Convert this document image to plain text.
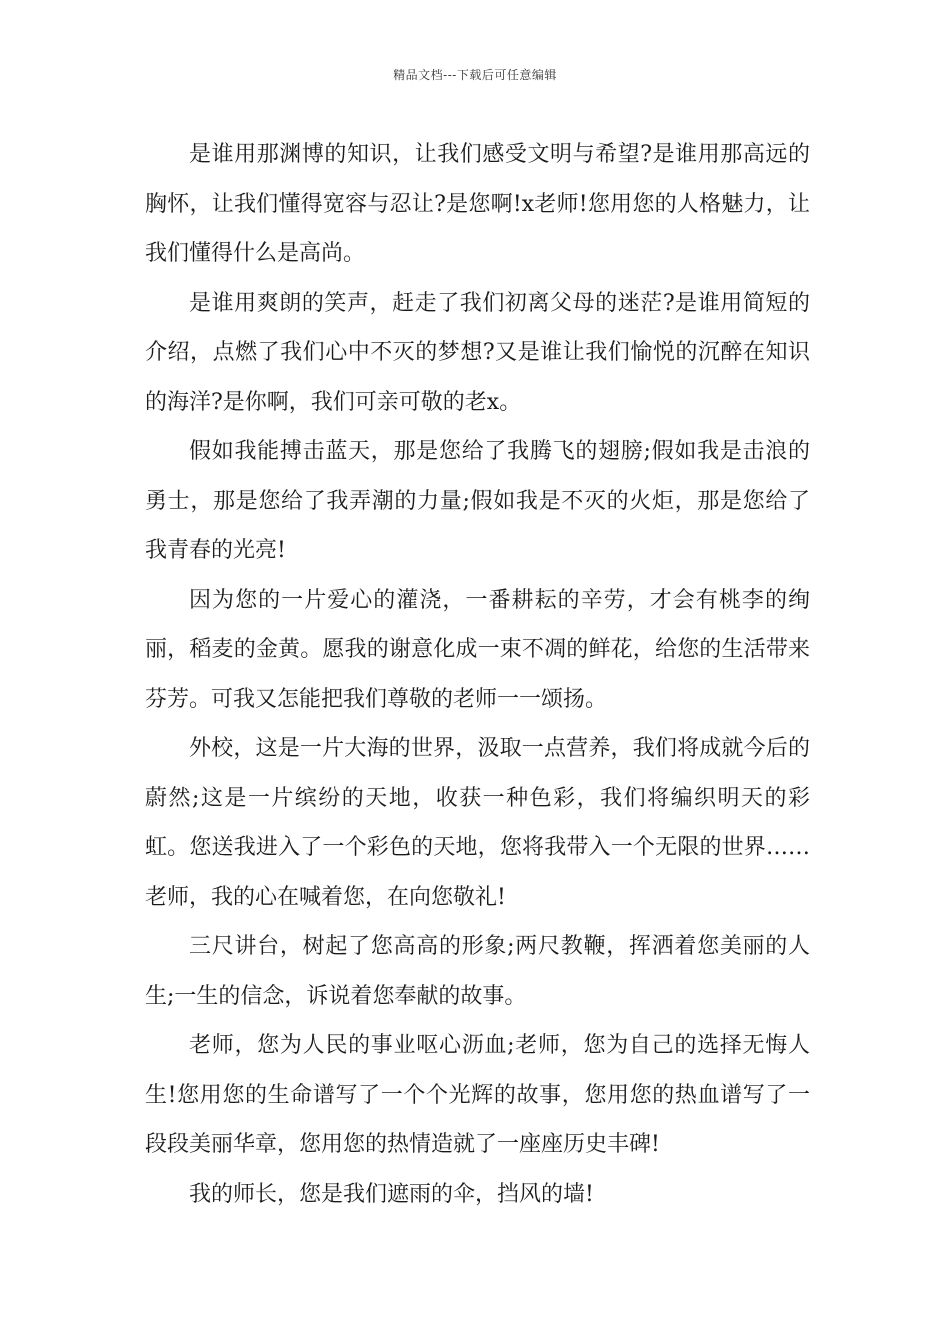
精品文档---下载后可任意编辑

是谁用那渊博的知识，让我们感受文明与希望?是谁用那高远的胸怀，让我们懂得宽容与忍让?是您啊!x老师!您用您的人格魅力，让我们懂得什么是高尚。

是谁用爽朗的笑声，赶走了我们初离父母的迷茫?是谁用简短的介绍，点燃了我们心中不灭的梦想?又是谁让我们愉悦的沉醉在知识的海洋?是你啊，我们可亲可敬的老x。

假如我能搏击蓝天，那是您给了我腾飞的翅膀;假如我是击浪的勇士，那是您给了我弄潮的力量;假如我是不灭的火炬，那是您给了我青春的光亮!

因为您的一片爱心的灌浇，一番耕耘的辛劳，才会有桃李的绚丽，稻麦的金黄。愿我的谢意化成一束不凋的鲜花，给您的生活带来芬芳。可我又怎能把我们尊敬的老师一一颂扬。

外校，这是一片大海的世界，汲取一点营养，我们将成就今后的蔚然;这是一片缤纷的天地，收获一种色彩，我们将编织明天的彩虹。您送我进入了一个彩色的天地，您将我带入一个无限的世界……老师，我的心在喊着您，在向您敬礼!

三尺讲台，树起了您高高的形象;两尺教鞭，挥洒着您美丽的人生;一生的信念，诉说着您奉献的故事。

老师，您为人民的事业呕心沥血;老师，您为自己的选择无悔人生!您用您的生命谱写了一个个光辉的故事，您用您的热血谱写了一段段美丽华章，您用您的热情造就了一座座历史丰碑!

我的师长，您是我们遮雨的伞，挡风的墙!
